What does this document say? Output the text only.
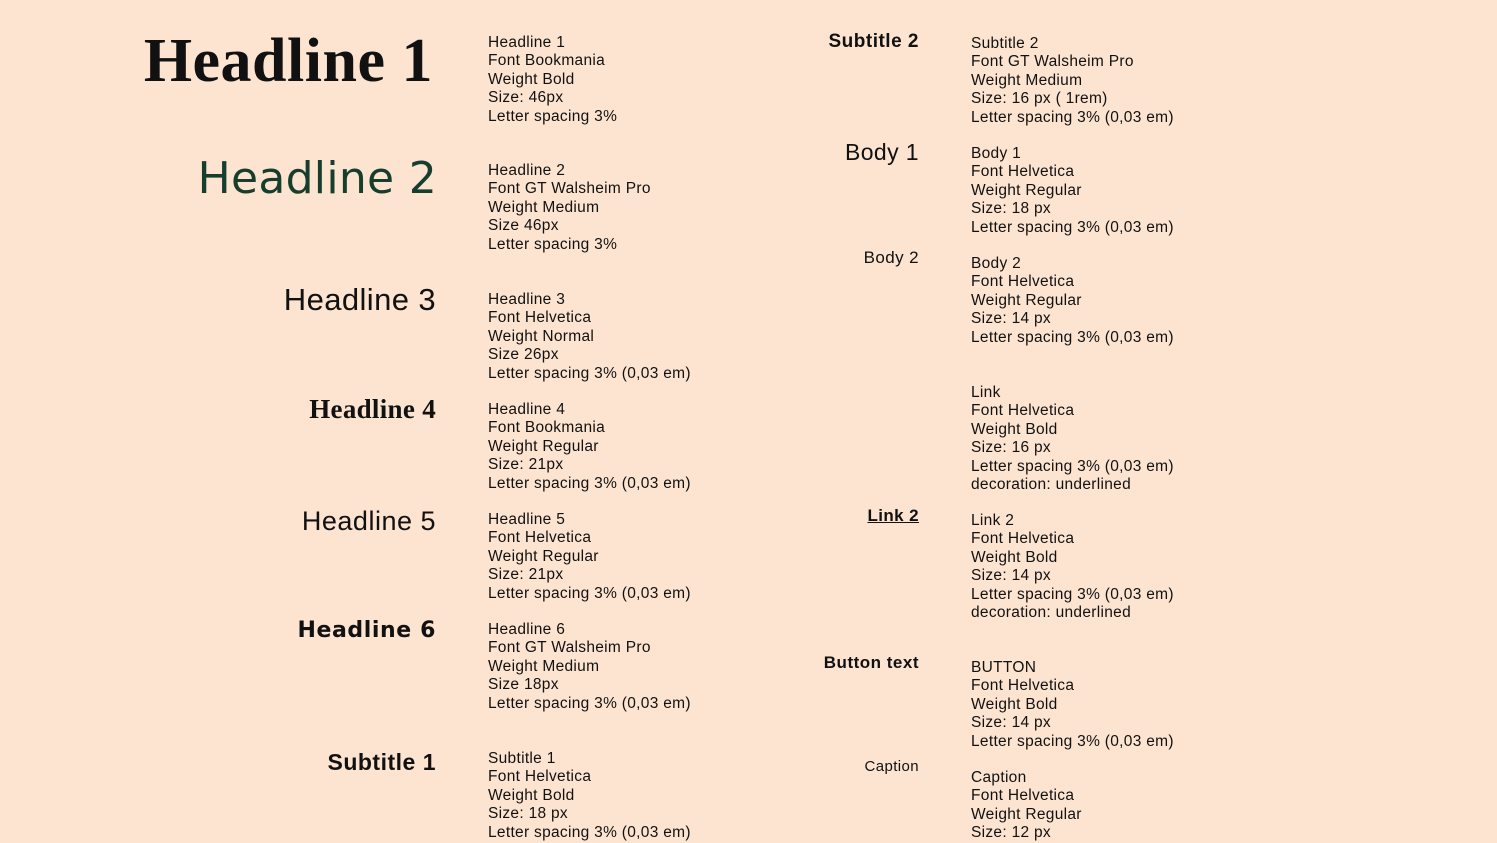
Headline 1
Headline 2
Headline 3
Headline 4
Headline 5
Headline 6
Subtitle 1
Subtitle 2
Body 1
Body 2
Link 2
Button text
Caption
Headline 1
Font Bookmania
Weight Bold
Size: 46px
Letter spacing 3%
Headline 2
Font GT Walsheim Pro
Weight Medium
Size 46px
Letter spacing 3%
Headline 3
Font Helvetica
Weight Normal
Size 26px
Letter spacing 3% (0,03 em)
Headline 4
Font Bookmania
Weight Regular
Size: 21px
Letter spacing 3% (0,03 em)
Headline 5
Font Helvetica
Weight Regular
Size: 21px
Letter spacing 3% (0,03 em)
Headline 6
Font GT Walsheim Pro
Weight Medium
Size 18px
Letter spacing 3% (0,03 em)
Subtitle 1
Font Helvetica
Weight Bold
Size: 18 px
Letter spacing 3% (0,03 em)
Subtitle 2
Font GT Walsheim Pro
Weight Medium
Size: 16 px ( 1rem)
Letter spacing 3% (0,03 em)
Body 1
Font Helvetica
Weight Regular
Size: 18 px
Letter spacing 3% (0,03 em)
Body 2
Font Helvetica
Weight Regular
Size: 14 px
Letter spacing 3% (0,03 em)
Link
Font Helvetica
Weight Bold
Size: 16 px
Letter spacing 3% (0,03 em)
decoration: underlined
Link 2
Font Helvetica
Weight Bold
Size: 14 px
Letter spacing 3% (0,03 em)
decoration: underlined
BUTTON
Font Helvetica
Weight Bold
Size: 14 px
Letter spacing 3% (0,03 em)
Caption
Font Helvetica
Weight Regular
Size: 12 px
